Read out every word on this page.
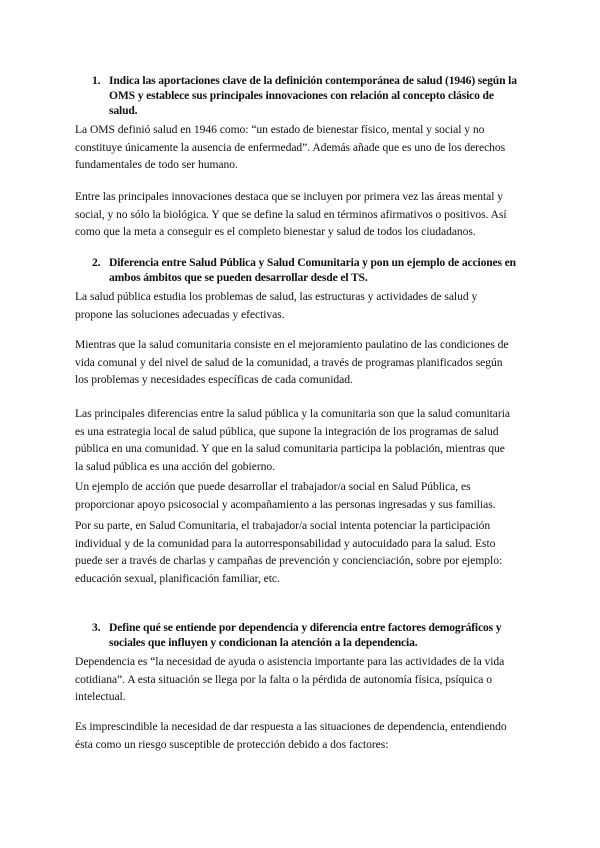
1. Indica las aportaciones clave de la definición contemporánea de salud (1946) según la OMS y establece sus principales innovaciones con relación al concepto clásico de salud.

La OMS definió salud en 1946 como: “un estado de bienestar físico, mental y social y no constituye únicamente la ausencia de enfermedad”. Además añade que es uno de los derechos fundamentales de todo ser humano.

Entre las principales innovaciones destaca que se incluyen por primera vez las áreas mental y social, y no sólo la biológica. Y que se define la salud en términos afirmativos o positivos. Así como que la meta a conseguir es el completo bienestar y salud de todos los ciudadanos.

2. Diferencia entre Salud Pública y Salud Comunitaria y pon un ejemplo de acciones en ambos ámbitos que se pueden desarrollar desde el TS.

La salud pública estudia los problemas de salud, las estructuras y actividades de salud y propone las soluciones adecuadas y efectivas.

Mientras que la salud comunitaria consiste en el mejoramiento paulatino de las condiciones de vida comunal y del nivel de salud de la comunidad, a través de programas planificados según los problemas y necesidades específicas de cada comunidad.

Las principales diferencias entre la salud pública y la comunitaria son que la salud comunitaria es una estrategia local de salud pública, que supone la integración de los programas de salud pública en una comunidad. Y que en la salud comunitaria participa la población, mientras que la salud pública es una acción del gobierno.

Un ejemplo de acción que puede desarrollar el trabajador/a social en Salud Pública, es proporcionar apoyo psicosocial y acompañamiento a las personas ingresadas y sus familias.

Por su parte, en Salud Comunitaria, el trabajador/a social intenta potenciar la participación individual y de la comunidad para la autorresponsabilidad y autocuidado para la salud. Esto puede ser a través de charlas y campañas de prevención y concienciación, sobre por ejemplo: educación sexual, planificación familiar, etc.

3. Define qué se entiende por dependencia y diferencia entre factores demográficos y sociales que influyen y condicionan la atención a la dependencia.

Dependencia es “la necesidad de ayuda o asistencia importante para las actividades de la vida cotidiana”. A esta situación se llega por la falta o la pérdida de autonomía física, psíquica o intelectual.

Es imprescindible la necesidad de dar respuesta a las situaciones de dependencia, entendiendo ésta como un riesgo susceptible de protección debido a dos factores:
